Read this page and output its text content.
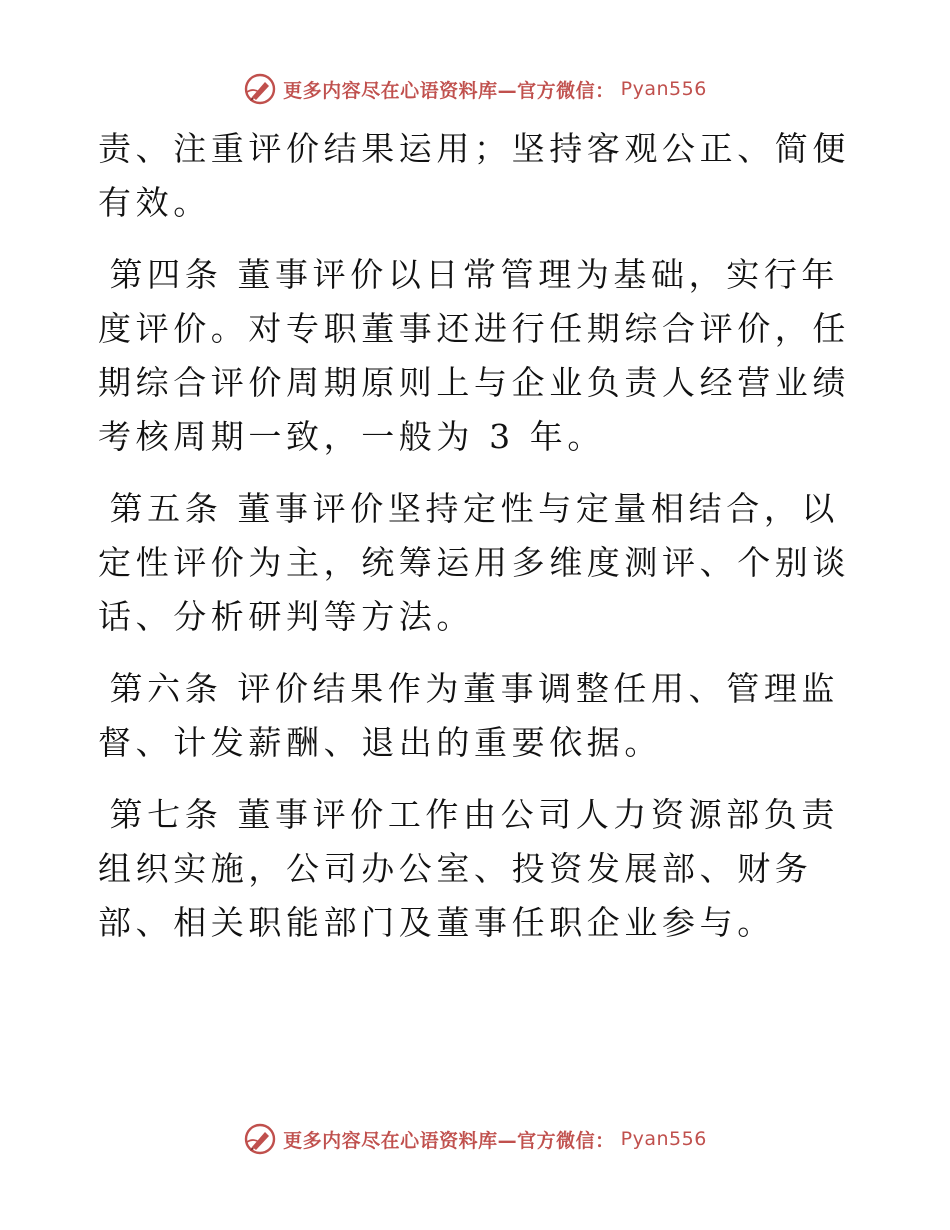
更多内容尽在心语资料库—官方微信： Pyan556

责、注重评价结果运用；坚持客观公正、简便有效。

第四条 董事评价以日常管理为基础，实行年度评价。对专职董事还进行任期综合评价，任期综合评价周期原则上与企业负责人经营业绩考核周期一致，一般为 3 年。

第五条 董事评价坚持定性与定量相结合，以定性评价为主，统筹运用多维度测评、个别谈话、分析研判等方法。

第六条 评价结果作为董事调整任用、管理监督、计发薪酬、退出的重要依据。

第七条 董事评价工作由公司人力资源部负责组织实施，公司办公室、投资发展部、财务部、相关职能部门及董事任职企业参与。

更多内容尽在心语资料库—官方微信： Pyan556
